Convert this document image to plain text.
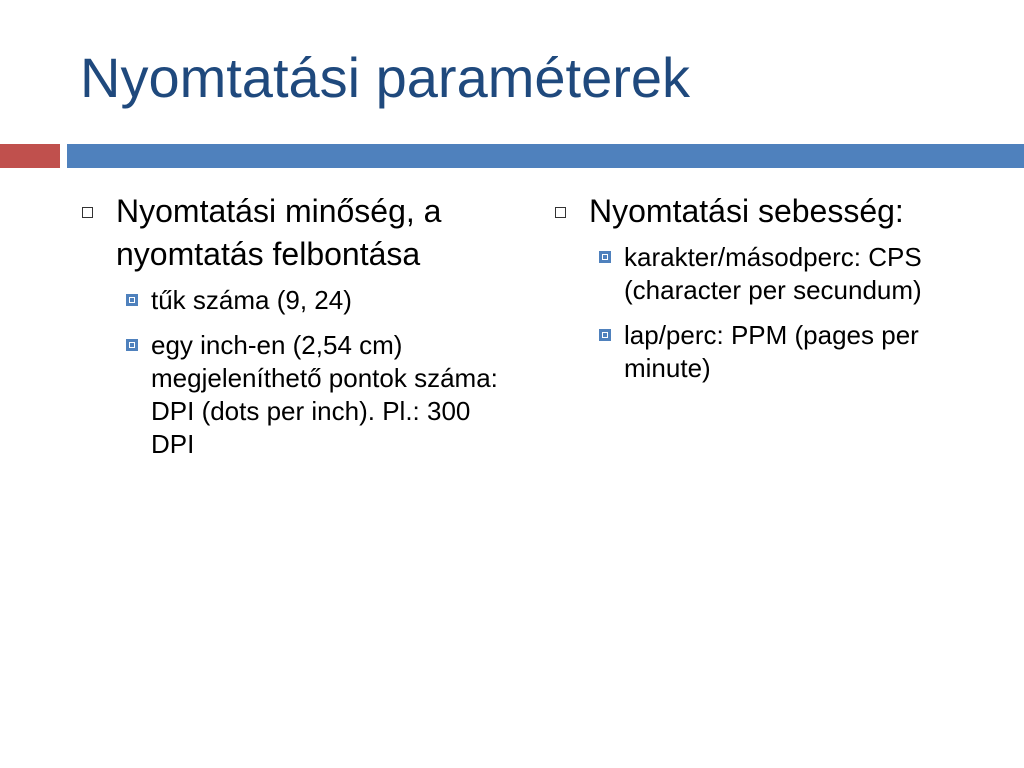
Nyomtatási paraméterek
Nyomtatási minőség, a nyomtatás felbontása
tűk száma (9, 24)
egy inch-en (2,54 cm) megjeleníthető pontok száma: DPI (dots per inch). Pl.: 300 DPI
Nyomtatási sebesség:
karakter/másodperc: CPS (character per secundum)
lap/perc: PPM (pages per minute)
